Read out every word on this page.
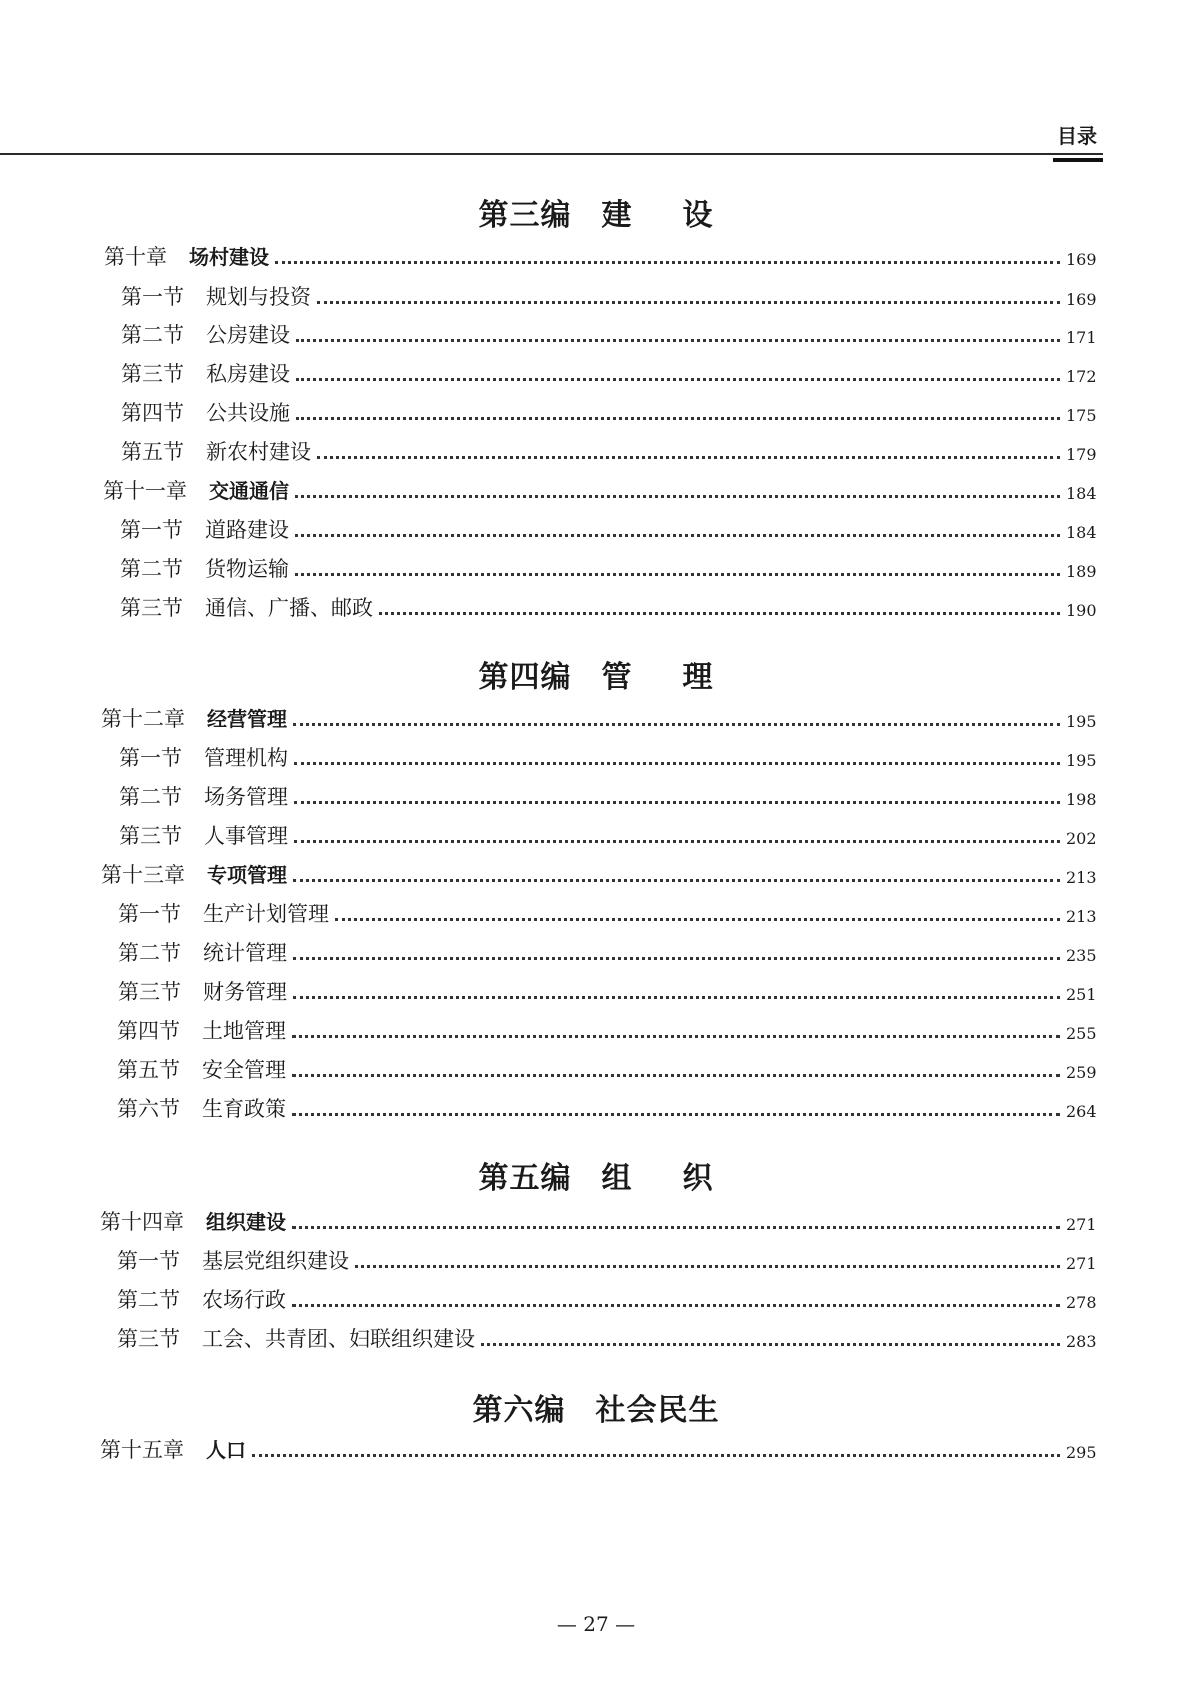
目录
第三编 建 设
第十章 场村建设	169
第一节 规划与投资	169
第二节 公房建设	171
第三节 私房建设	172
第四节 公共设施	175
第五节 新农村建设	179
第十一章 交通通信	184
第一节 道路建设	184
第二节 货物运输	189
第三节 通信、广播、邮政	190
第四编 管 理
第十二章 经营管理	195
第一节 管理机构	195
第二节 场务管理	198
第三节 人事管理	202
第十三章 专项管理	213
第一节 生产计划管理	213
第二节 统计管理	235
第三节 财务管理	251
第四节 土地管理	255
第五节 安全管理	259
第六节 生育政策	264
第五编 组 织
第十四章 组织建设	271
第一节 基层党组织建设	271
第二节 农场行政	278
第三节 工会、共青团、妇联组织建设	283
第六编 社会民生
第十五章 人口	295
— 27 —
